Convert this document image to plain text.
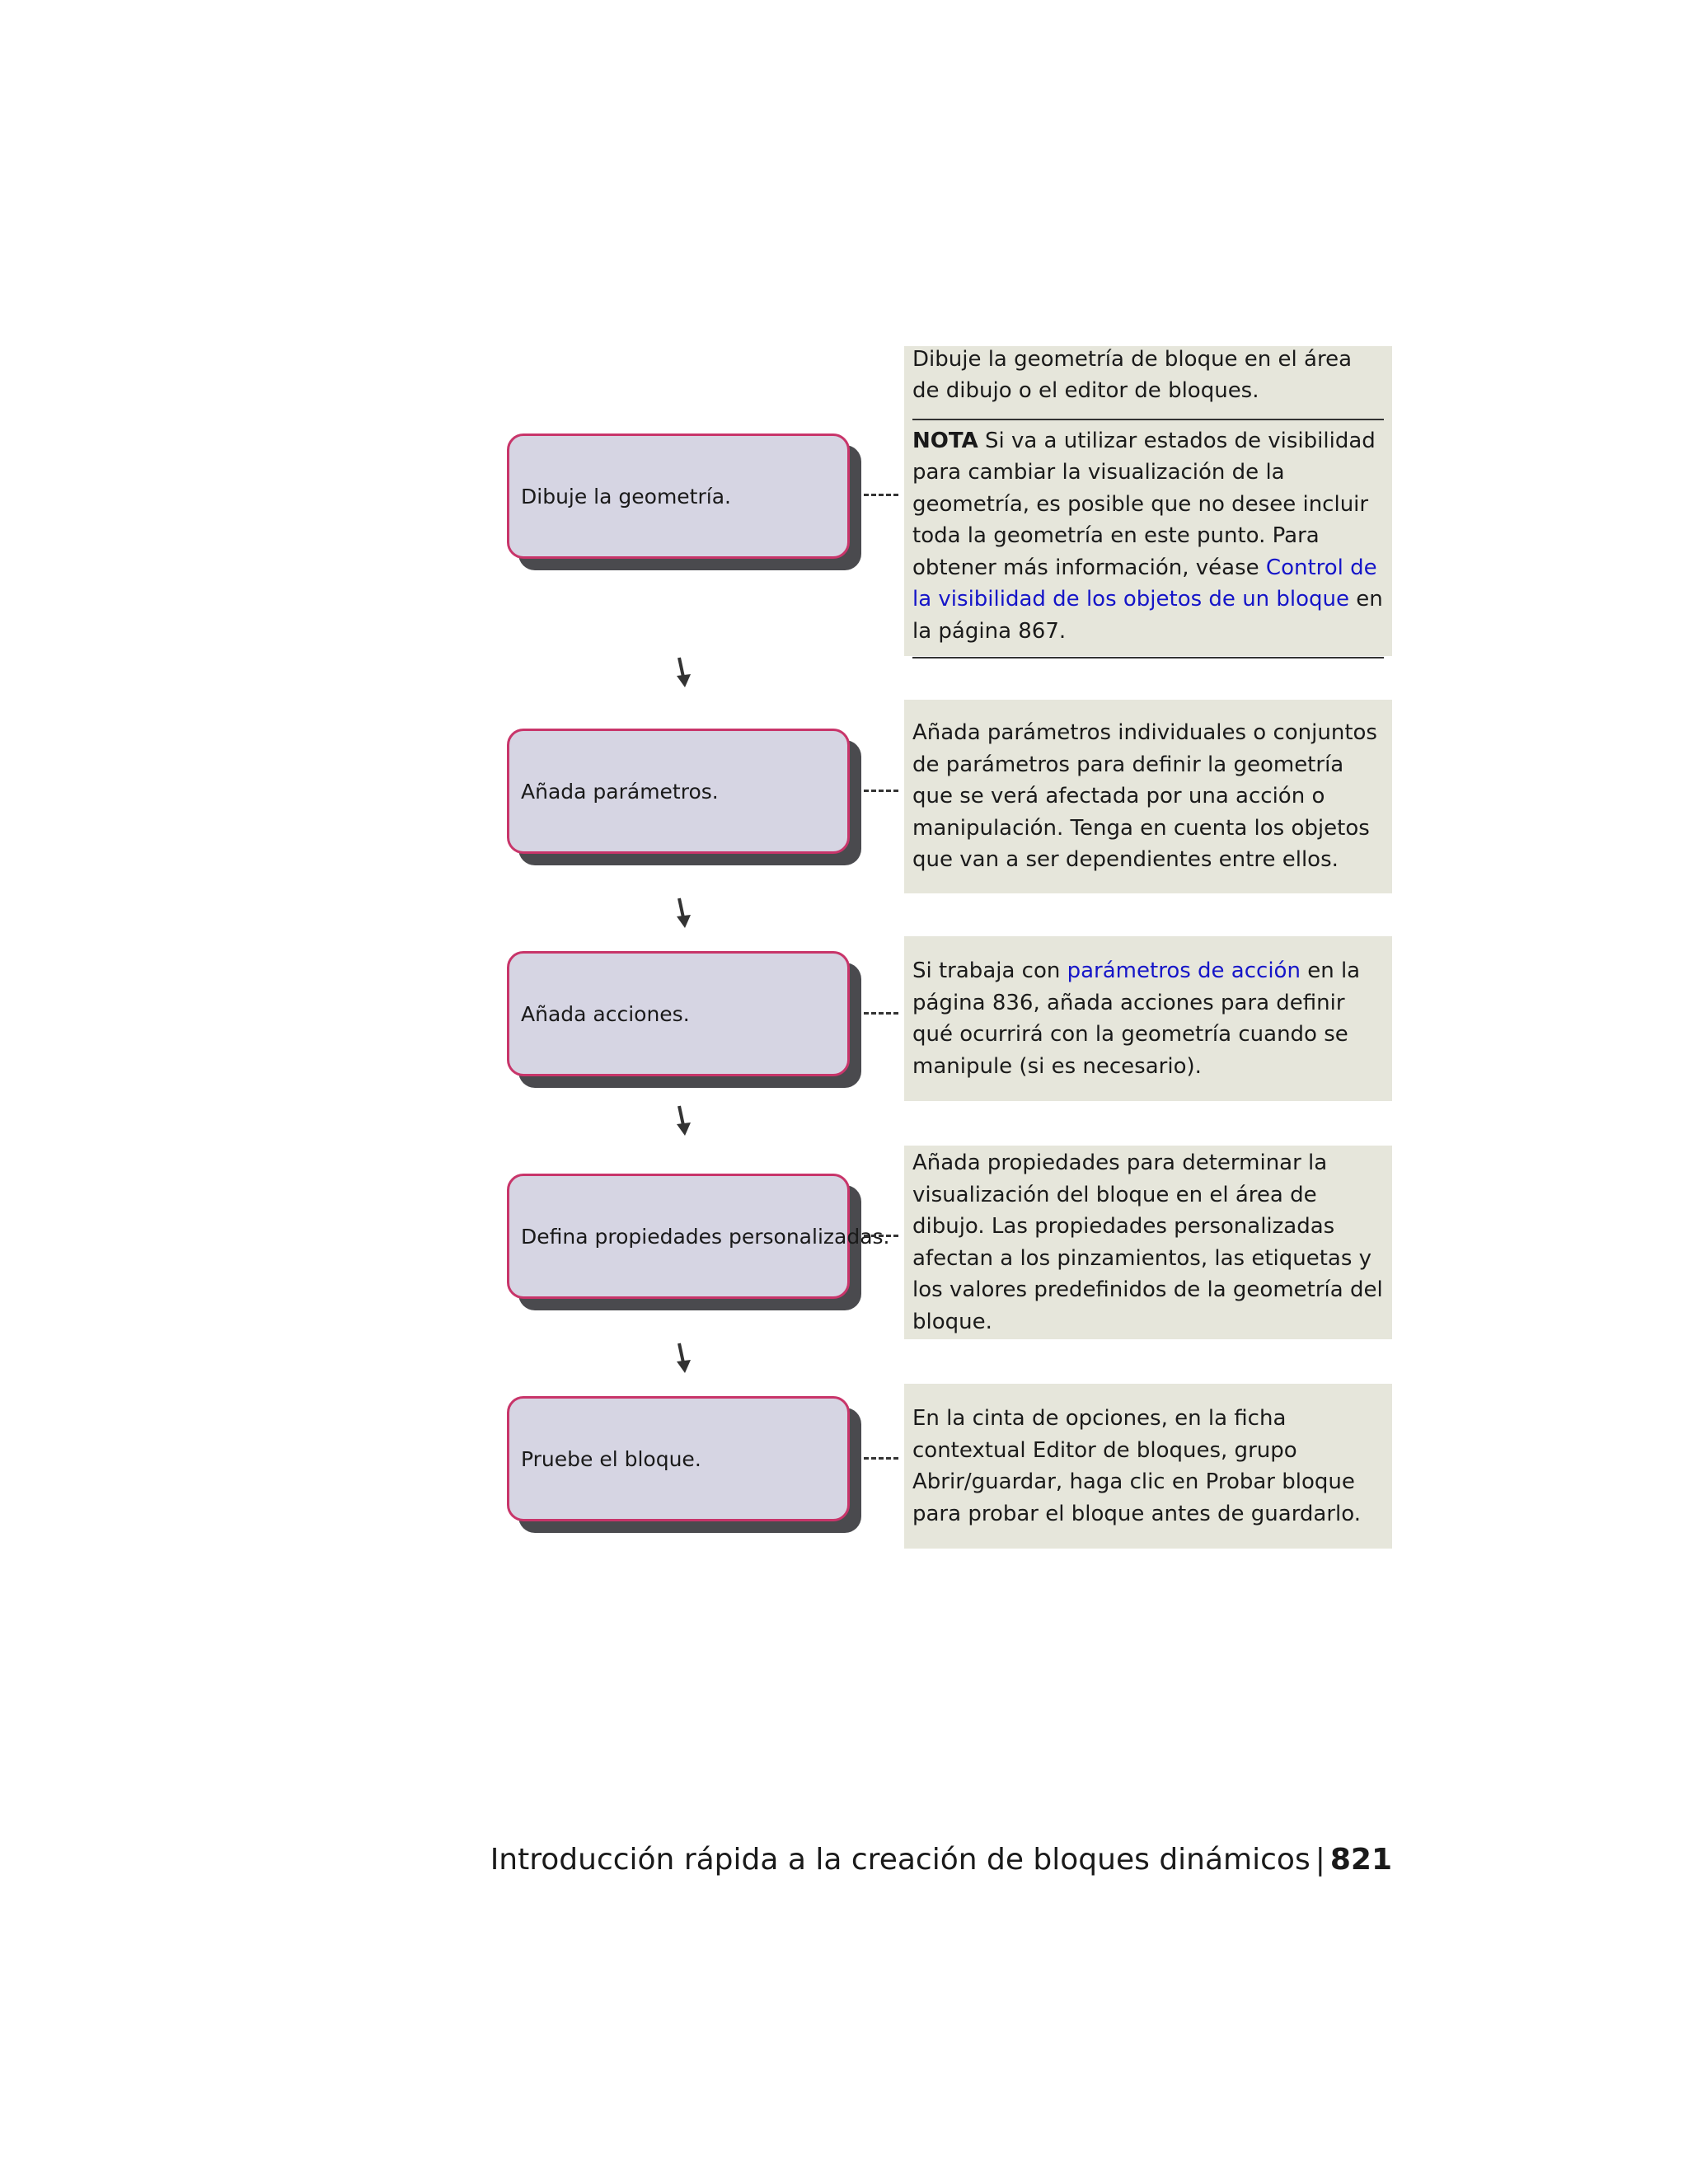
Dibuje la geometría.

Dibuje la geometría de bloque en el área de dibujo o el editor de bloques.

NOTA Si va a utilizar estados de visibilidad para cambiar la visualización de la geometría, es posible que no desee incluir toda la geometría en este punto. Para obtener más información, véase Control de la visibilidad de los objetos de un bloque en la página 867.
Añada parámetros.

Añada parámetros individuales o conjuntos de parámetros para definir la geometría que se verá afectada por una acción o manipulación. Tenga en cuenta los objetos que van a ser dependientes entre ellos.

Añada acciones.

Si trabaja con parámetros de acción en la página 836, añada acciones para definir qué ocurrirá con la geometría cuando se manipule (si es necesario).

Defina propiedades personalizadas.

Añada propiedades para determinar la visualización del bloque en el área de dibujo. Las propiedades personalizadas afectan a los pinzamientos, las etiquetas y los valores predefinidos de la geometría del bloque.

Pruebe el bloque.

En la cinta de opciones, en la ficha contextual Editor de bloques, grupo Abrir/guardar, haga clic en Probar bloque para probar el bloque antes de guardarlo.

Introducción rápida a la creación de bloques dinámicos | 821
